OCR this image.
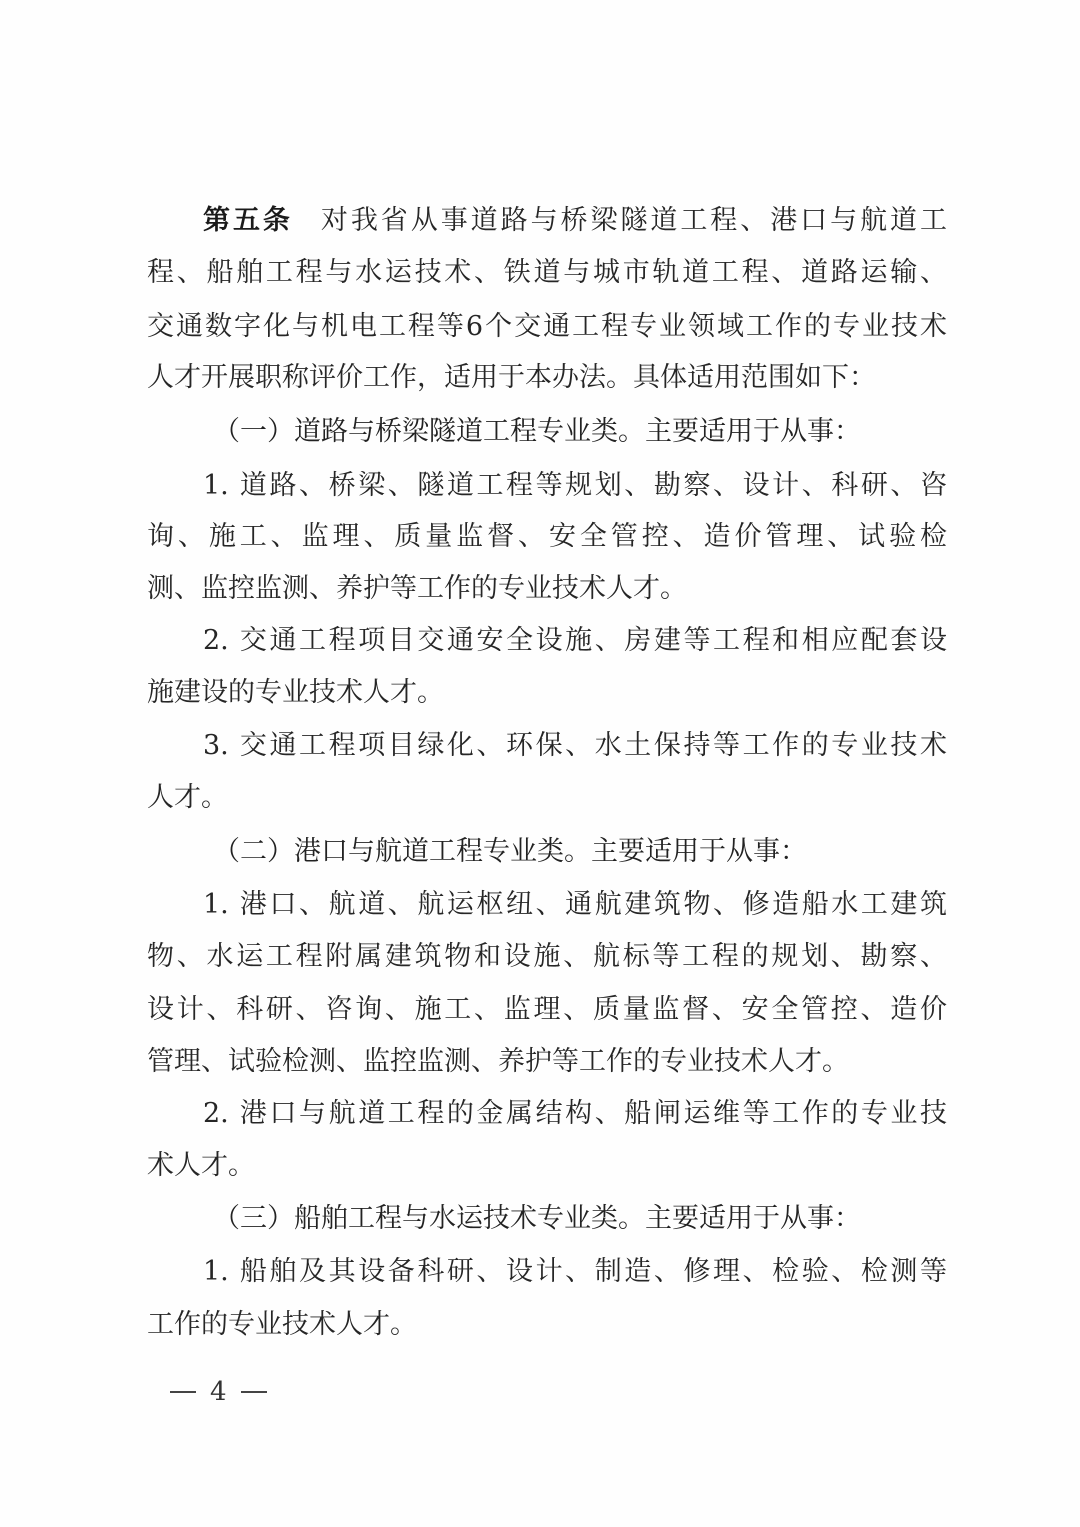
第五条 对我省从事道路与桥梁隧道工程、港口与航道工
程、船舶工程与水运技术、铁道与城市轨道工程、道路运输、
交通数字化与机电工程等6个交通工程专业领域工作的专业技术
人才开展职称评价工作，适用于本办法。具体适用范围如下：
（一）道路与桥梁隧道工程专业类。主要适用于从事：
1. 道路、桥梁、隧道工程等规划、勘察、设计、科研、咨
询、施工、监理、质量监督、安全管控、造价管理、试验检
测、监控监测、养护等工作的专业技术人才。
2. 交通工程项目交通安全设施、房建等工程和相应配套设
施建设的专业技术人才。
3. 交通工程项目绿化、环保、水土保持等工作的专业技术
人才。
（二）港口与航道工程专业类。主要适用于从事：
1. 港口、航道、航运枢纽、通航建筑物、修造船水工建筑
物、水运工程附属建筑物和设施、航标等工程的规划、勘察、
设计、科研、咨询、施工、监理、质量监督、安全管控、造价
管理、试验检测、监控监测、养护等工作的专业技术人才。
2. 港口与航道工程的金属结构、船闸运维等工作的专业技
术人才。
（三）船舶工程与水运技术专业类。主要适用于从事：
1. 船舶及其设备科研、设计、制造、修理、检验、检测等
工作的专业技术人才。
4
